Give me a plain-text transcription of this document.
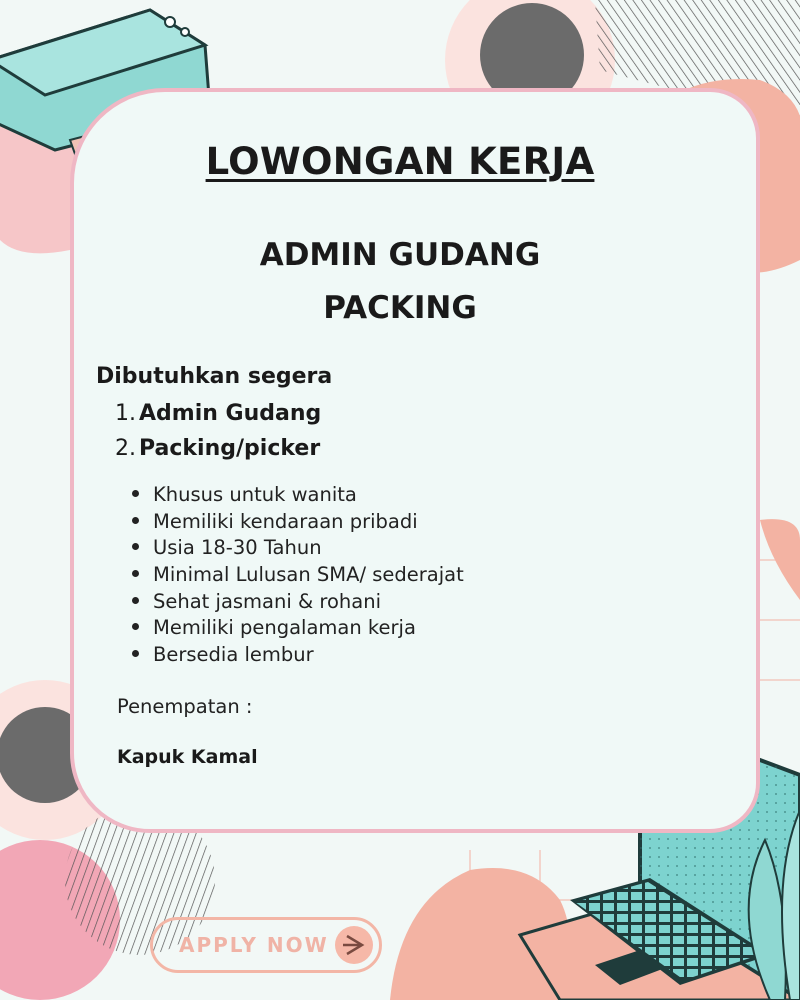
LOWONGAN KERJA
ADMIN GUDANG
PACKING

Dibutuhkan segera

1. Admin Gudang
2. Packing/picker
Khusus untuk wanita
Memiliki kendaraan pribadi
Usia 18-30 Tahun
Minimal Lulusan SMA/ sederajat
Sehat jasmani & rohani
Memiliki pengalaman kerja
Bersedia lembur

Penempatan :

Kapuk Kamal

APPLY NOW
